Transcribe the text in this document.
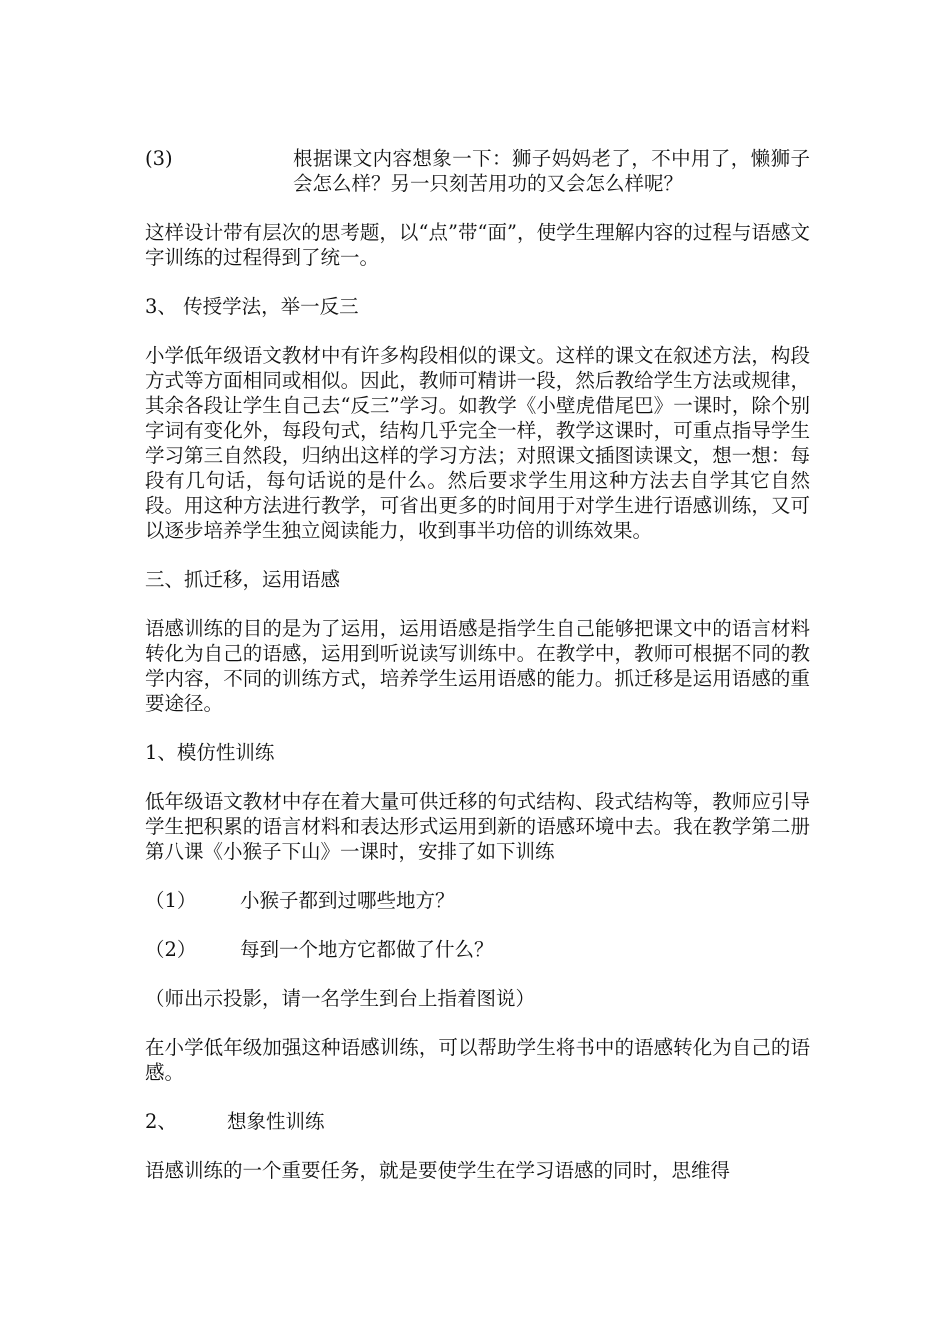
(3)	根据课文内容想象一下：狮子妈妈老了，不中用了，懒狮子会怎么样？另一只刻苦用功的又会怎么样呢？

这样设计带有层次的思考题，以“点”带“面”，使学生理解内容的过程与语感文字训练的过程得到了统一。

3、 传授学法，举一反三

小学低年级语文教材中有许多构段相似的课文。这样的课文在叙述方法，构段方式等方面相同或相似。因此，教师可精讲一段，然后教给学生方法或规律，其余各段让学生自己去“反三”学习。如教学《小壁虎借尾巴》一课时，除个别字词有变化外，每段句式，结构几乎完全一样，教学这课时，可重点指导学生学习第三自然段，归纳出这样的学习方法；对照课文插图读课文，想一想：每段有几句话，每句话说的是什么。然后要求学生用这种方法去自学其它自然段。用这种方法进行教学，可省出更多的时间用于对学生进行语感训练，又可以逐步培养学生独立阅读能力，收到事半功倍的训练效果。

三、抓迁移，运用语感

语感训练的目的是为了运用，运用语感是指学生自己能够把课文中的语言材料转化为自己的语感，运用到听说读写训练中。在教学中，教师可根据不同的教学内容，不同的训练方式，培养学生运用语感的能力。抓迁移是运用语感的重要途径。

1、模仿性训练

低年级语文教材中存在着大量可供迁移的句式结构、段式结构等，教师应引导学生把积累的语言材料和表达形式运用到新的语感环境中去。我在教学第二册第八课《小猴子下山》一课时，安排了如下训练

（1）	小猴子都到过哪些地方？
（2）	每到一个地方它都做了什么？

（师出示投影，请一名学生到台上指着图说）

在小学低年级加强这种语感训练，可以帮助学生将书中的语感转化为自己的语感。

2、	想象性训练

语感训练的一个重要任务，就是要使学生在学习语感的同时，思维得
